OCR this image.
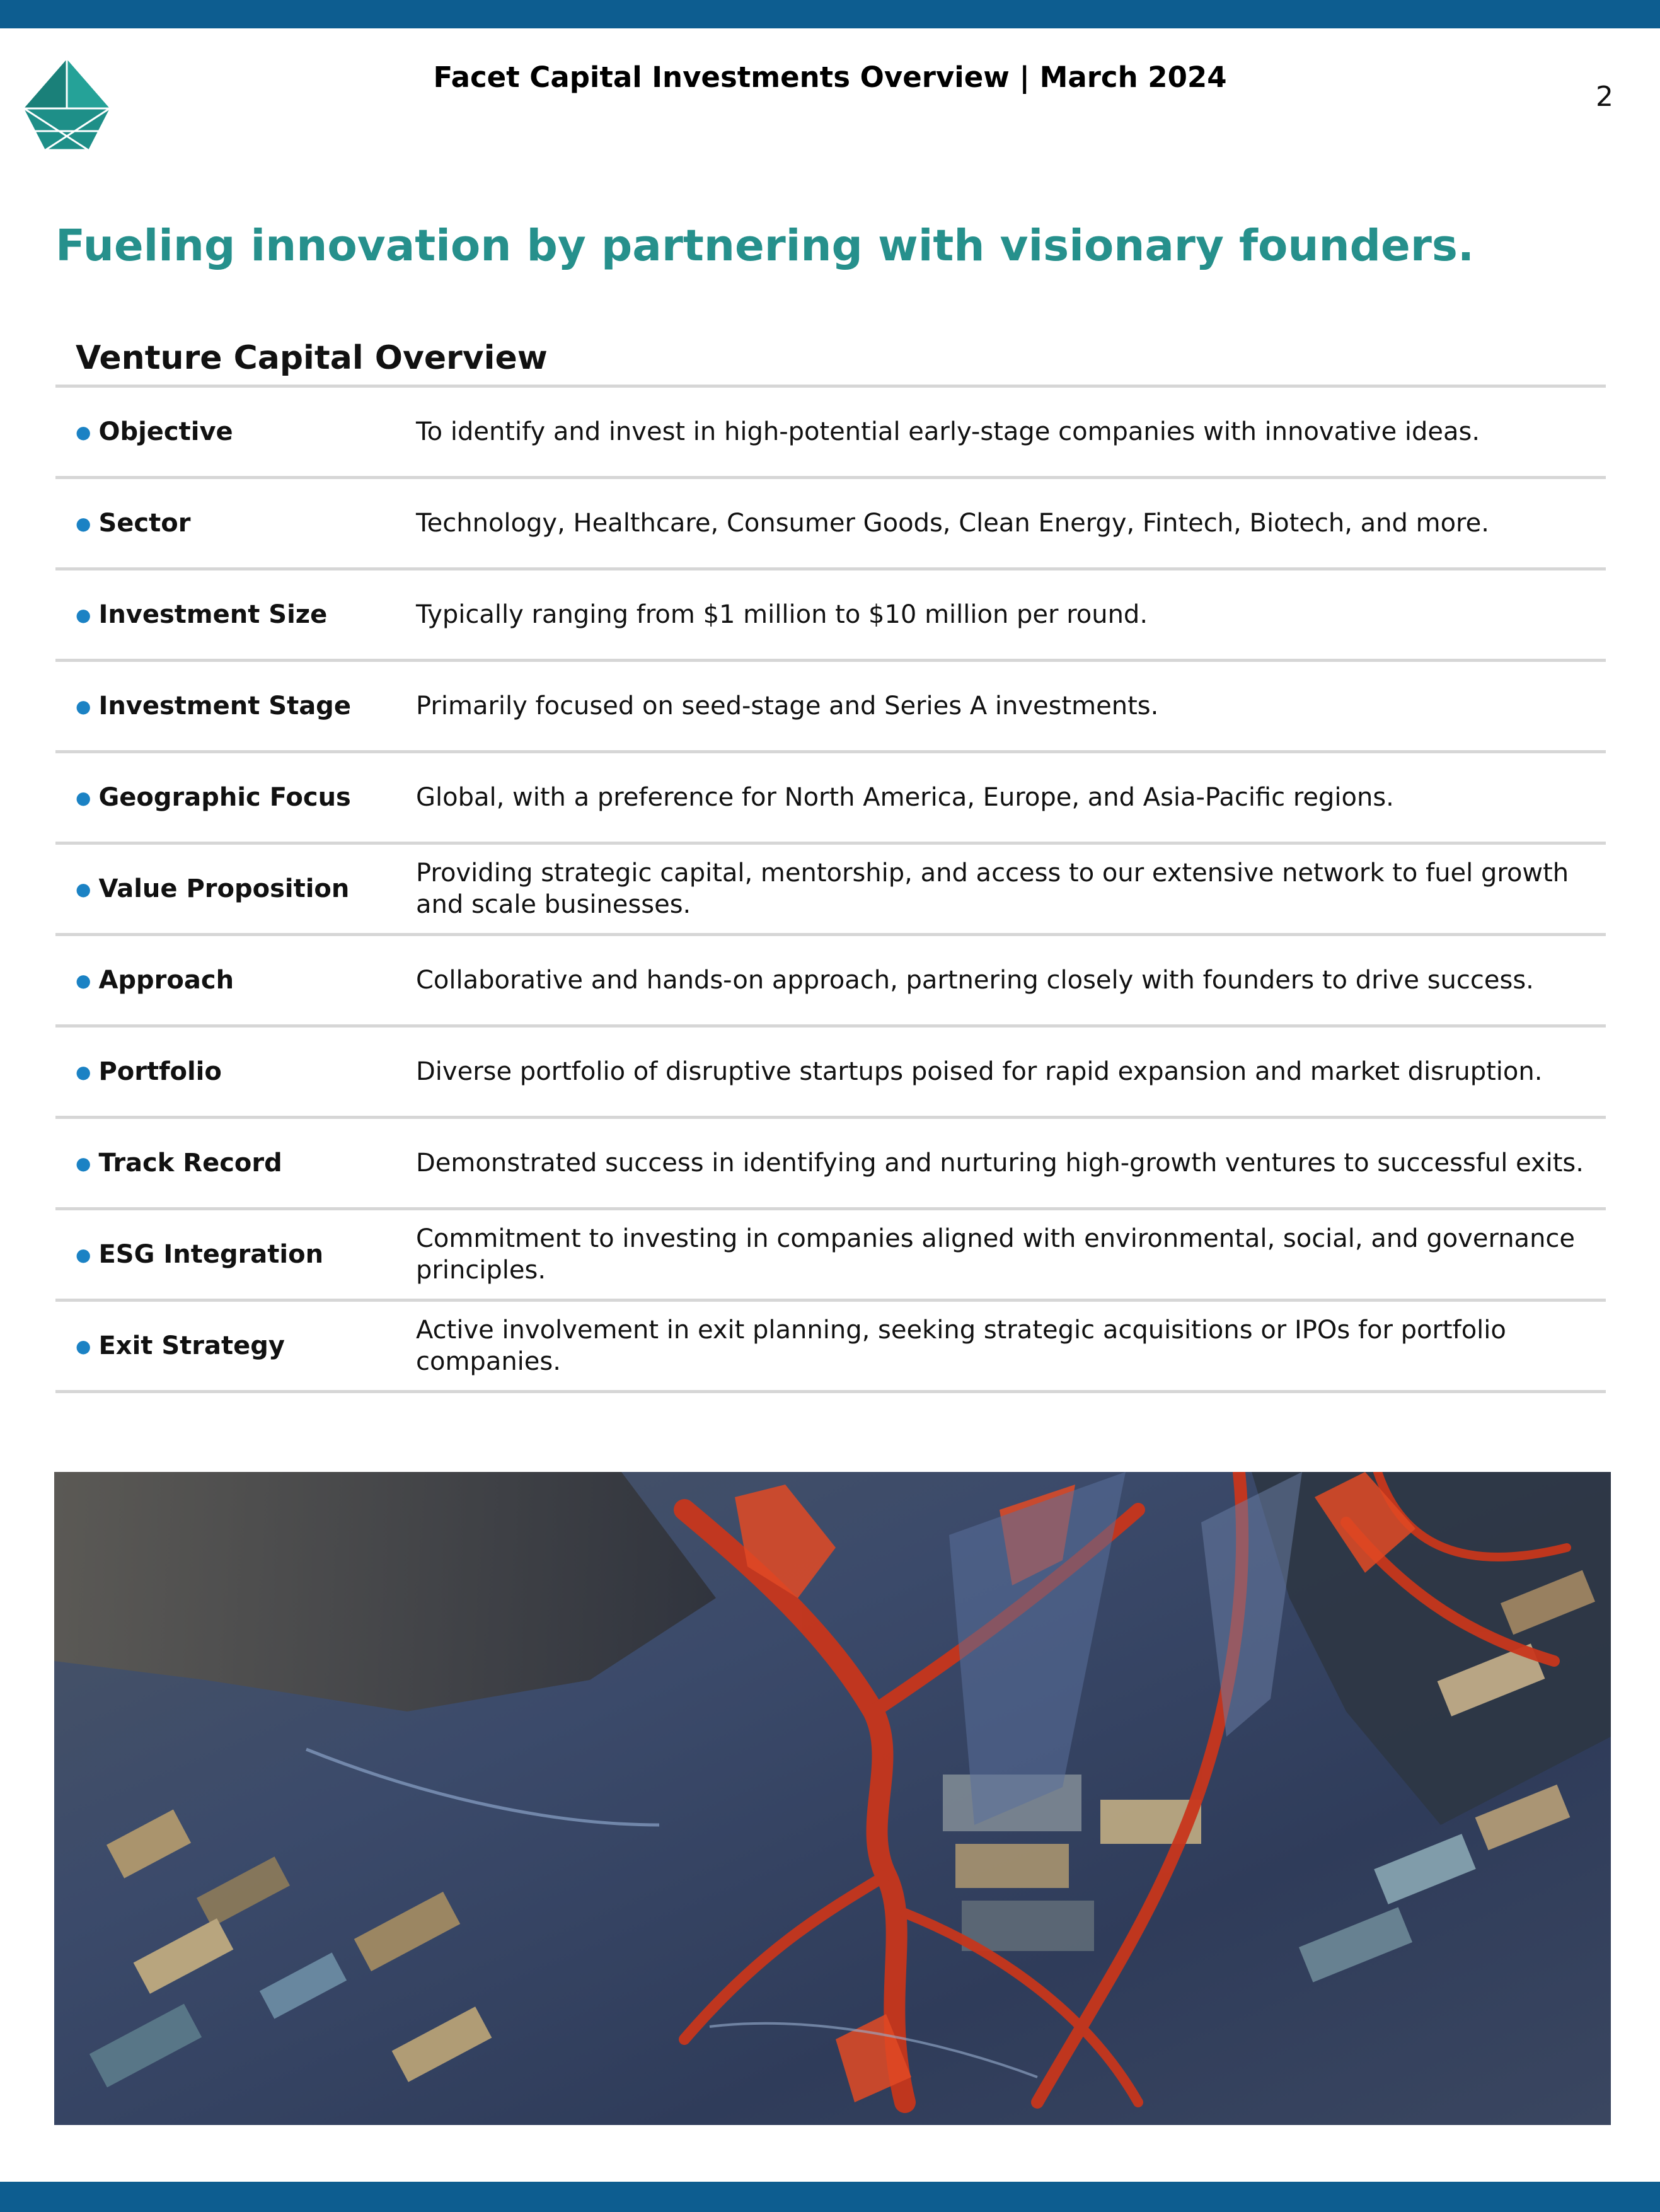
Facet Capital Investments Overview | March 2024
2
Fueling innovation by partnering with visionary founders.
Venture Capital Overview
● Objective	To identify and invest in high-potential early-stage companies with innovative ideas.
● Sector	Technology, Healthcare, Consumer Goods, Clean Energy, Fintech, Biotech, and more.
● Investment Size	Typically ranging from $1 million to $10 million per round.
● Investment Stage	Primarily focused on seed-stage and Series A investments.
● Geographic Focus	Global, with a preference for North America, Europe, and Asia-Pacific regions.
● Value Proposition
Providing strategic capital, mentorship, and access to our extensive network to fuel growth and scale businesses.
● Approach	Collaborative and hands-on approach, partnering closely with founders to drive success.
● Portfolio	Diverse portfolio of disruptive startups poised for rapid expansion and market disruption.
● Track Record	Demonstrated success in identifying and nurturing high-growth ventures to successful exits.
● ESG Integration
Commitment to investing in companies aligned with environmental, social, and governance principles.
● Exit Strategy
Active involvement in exit planning, seeking strategic acquisitions or IPOs for portfolio companies.
